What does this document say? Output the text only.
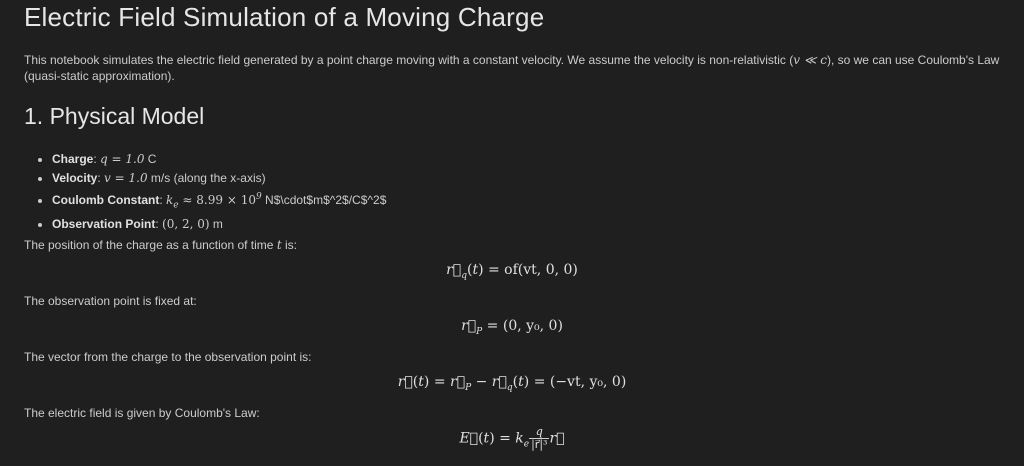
Electric Field Simulation of a Moving Charge
This notebook simulates the electric field generated by a point charge moving with a constant velocity. We assume the velocity is non-relativistic (v ≪ c), so we can use Coulomb's Law (quasi-static approximation).
1. Physical Model
• Charge: q = 1.0 C
• Velocity: v = 1.0 m/s (along the x-axis)
• Coulomb Constant: $k_e \approx 8.99 \times 10^9$ N$\cdot$m$^2$/C$^2$
• Observation Point: (0, 2, 0) m
The position of the charge as a function of time t is:
$r⃗_q(t) = of(vt$, 0, 0)
The observation point is fixed at:
$r⃗_P = (0$, y₀, 0)
The vector from the charge to the observation point is:
r⃗(t) = $r⃗_P$ − $r⃗_q(t) = (-vt$, y₀, 0)
The electric field is given by Coulomb's Law:
E⃗(t) = $k_e \frac{q}{\text{|r⃗|³}}$ r⃗
